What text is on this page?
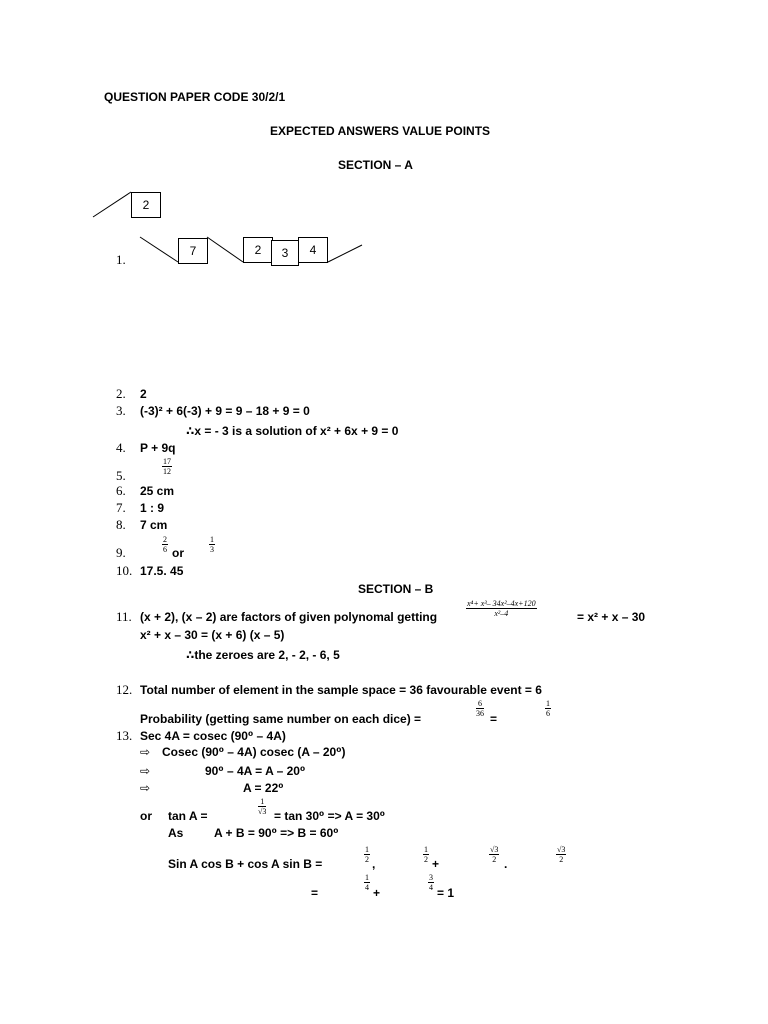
QUESTION PAPER CODE 30/2/1
EXPECTED ANSWERS VALUE POINTS
SECTION – A
2
7	2	3	4
1.
2. 2
3. (-3)² + 6(-3) + 9 = 9 – 18 + 9 = 0
∴x = - 3 is a solution of x² + 6x + 9 = 0
4. P + 9q
5.	$\frac{17}{12}$
6. 25 cm
7. 1 : 9
8. 7 cm
9.	$\frac{2}{6}$ or	$\frac{1}{3}$
10. 17.5. 45
SECTION – B
11. (x + 2), (x – 2) are factors of given polynomal getting	$\frac{\text{x⁴+ x³– 34x²–4x+120}}{\text{x²–4}}$	= x² + x – 30
x² + x – 30 = (x + 6) (x – 5)
∴the zeroes are 2, - 2, - 6, 5
12. Total number of element in the sample space = 36 favourable event = 6
Probability (getting same number on each dice) =
$\frac{6}{36}$
=
$\frac{1}{6}$
13. Sec 4A = cosec (90⁰ – 4A)
⇨ Cosec (90⁰ – 4A) cosec (A – 20⁰)
⇨	90⁰ – 4A = A – 20⁰
⇨	A = 22⁰
or tan A =	$\frac{1}{√3} = \tan 30^0 => A = 30^0$
As	A + B = 90⁰ => B = 60⁰
Sin A cos B + cos A sin B =	$\frac{1}{2}$ ,	$\frac{1}{2}$ +	$\frac{√3}{2}$ .	$\frac{√3}{2}$
=
$\frac{1}{4}$
+
$\frac{3}{4}$
= 1
